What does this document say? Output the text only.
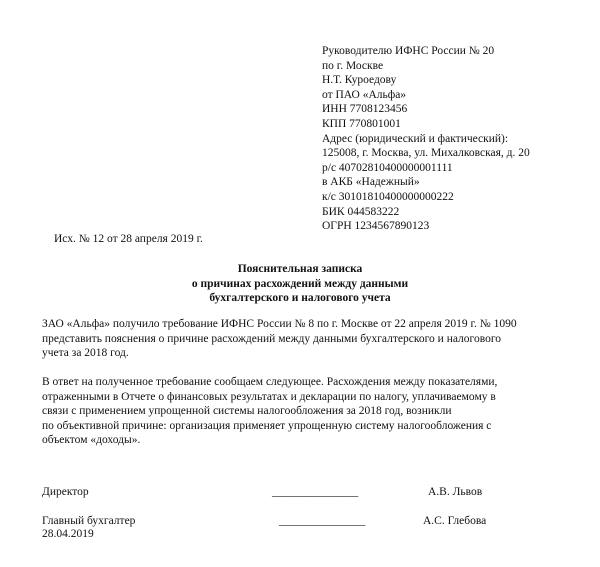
Руководителю ИФНС России № 20
по г. Москве
Н.Т. Куроедову
от ПАО «Альфа»
ИНН 7708123456
КПП 770801001
Адрес (юридический и фактический):
125008, г. Москва, ул. Михалковская, д. 20
р/с 40702810400000001111
в АКБ «Надежный»
к/с 30101810400000000222
БИК 044583222
ОГРН 1234567890123
Исх. № 12 от 28 апреля 2019 г.
Пояснительная записка
о причинах расхождений между данными
бухгалтерского и налогового учета
ЗАО «Альфа» получило требование ИФНС России № 8 по г. Москве от 22 апреля 2019 г. № 1090
представить пояснения о причине расхождений между данными бухгалтерского и налогового
учета за 2018 год.
В ответ на полученное требование сообщаем следующее. Расхождения между показателями,
отраженными в Отчете о финансовых результатах и декларации по налогу, уплачиваемому в
связи с применением упрощенной системы налогообложения за 2018 год, возникли
по объективной причине: организация применяет упрощенную систему налогообложения с
объектом «доходы».
Директор	_______________	А.В. Львов
Главный бухгалтер	_______________	А.С. Глебова
28.04.2019
